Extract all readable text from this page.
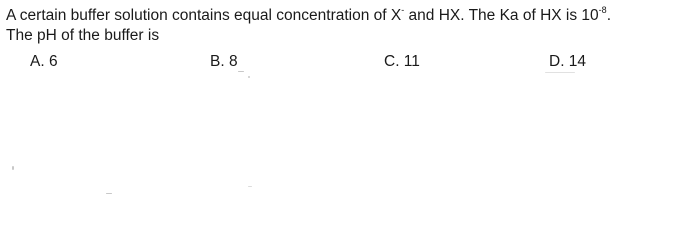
A certain buffer solution contains equal concentration of X- and HX. The Ka of HX is $10^{-8}$.
The pH of the buffer is
A. 6	B. 8	C. 11	D. 14
